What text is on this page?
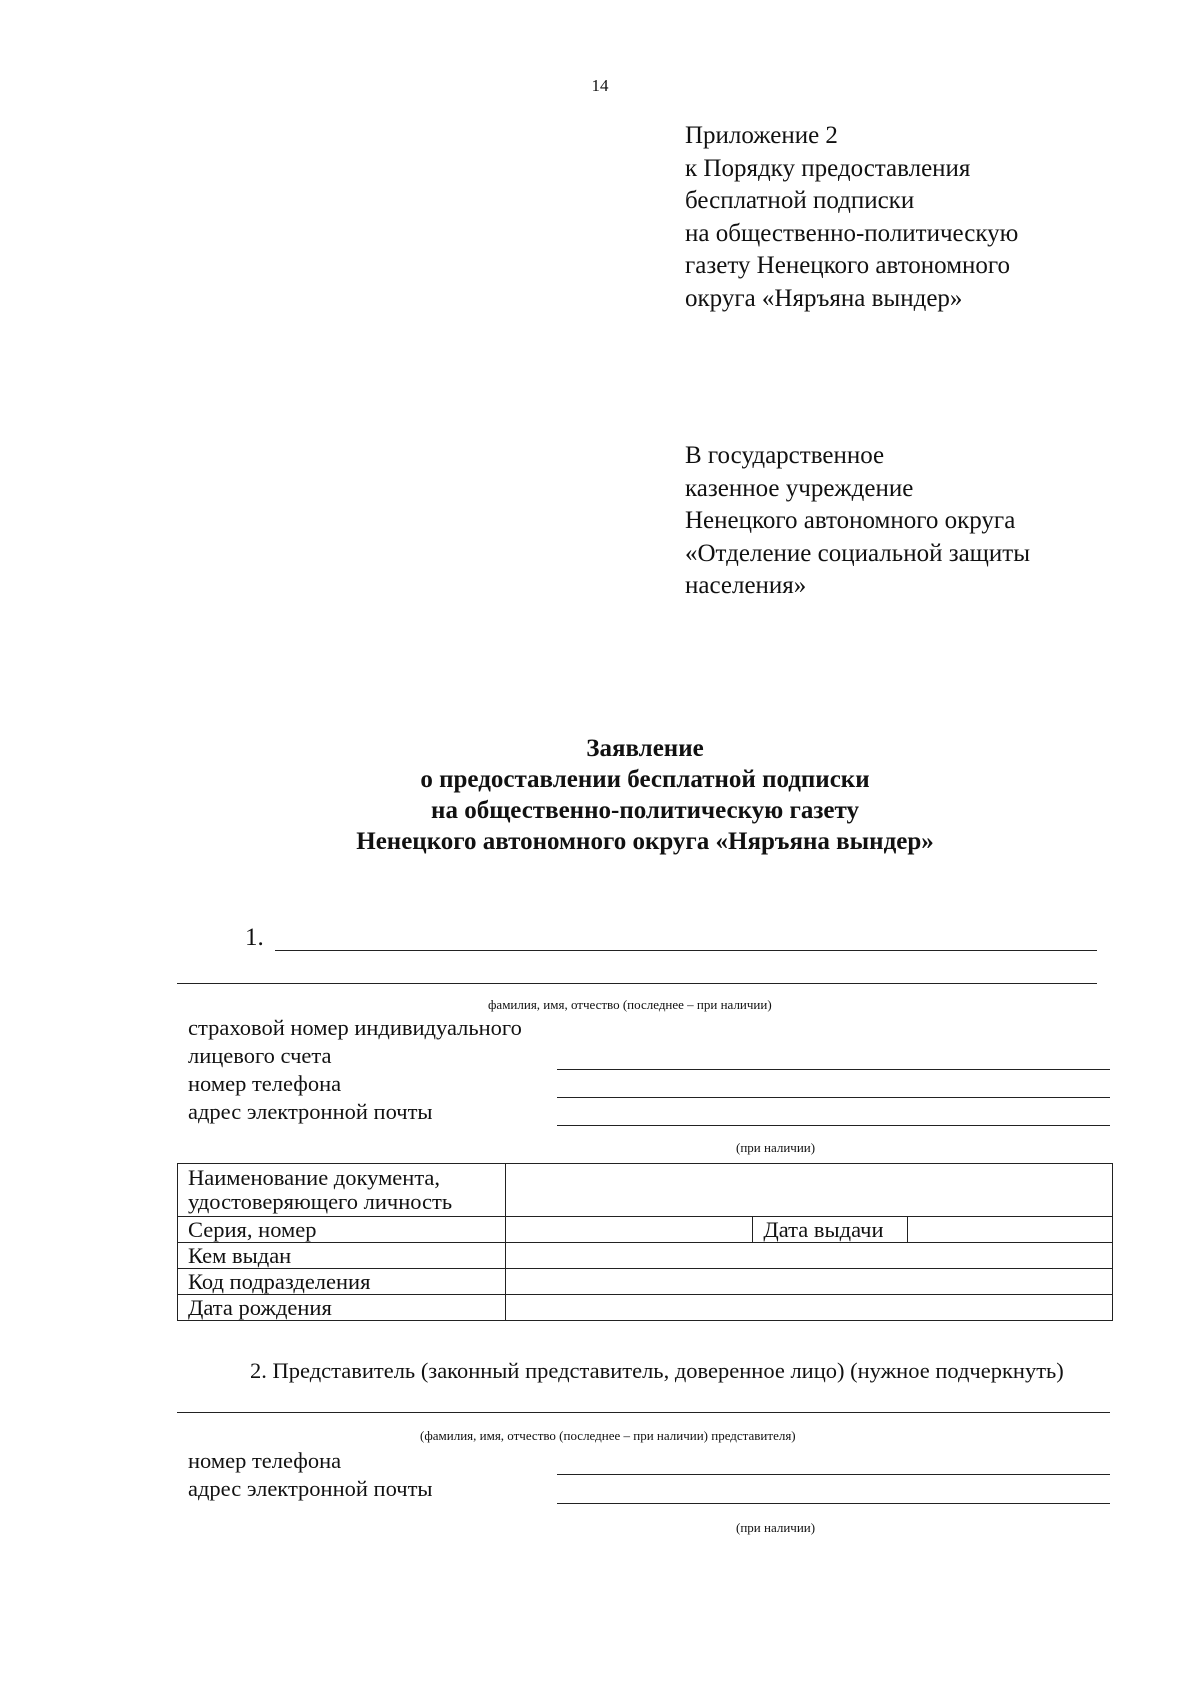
14
Приложение 2
к Порядку предоставления
бесплатной подписки
на общественно-политическую
газету Ненецкого автономного
округа «Няръяна вындер»
В государственное
казенное учреждение
Ненецкого автономного округа
«Отделение социальной защиты
населения»
Заявление
о предоставлении бесплатной подписки
на общественно-политическую газету
Ненецкого автономного округа «Няръяна вындер»
1.
фамилия, имя, отчество (последнее – при наличии)
страховой номер индивидуального
лицевого счета
номер телефона
адрес электронной почты
(при наличии)
Наименование документа,
удостоверяющего личность			

Серия, номер		Дата выдачи	
Кем выдан			
Код подразделения			
Дата рождения			
2. Представитель (законный представитель, доверенное лицо) (нужное подчеркнуть)
(фамилия, имя, отчество (последнее – при наличии) представителя)
номер телефона
адрес электронной почты
(при наличии)
